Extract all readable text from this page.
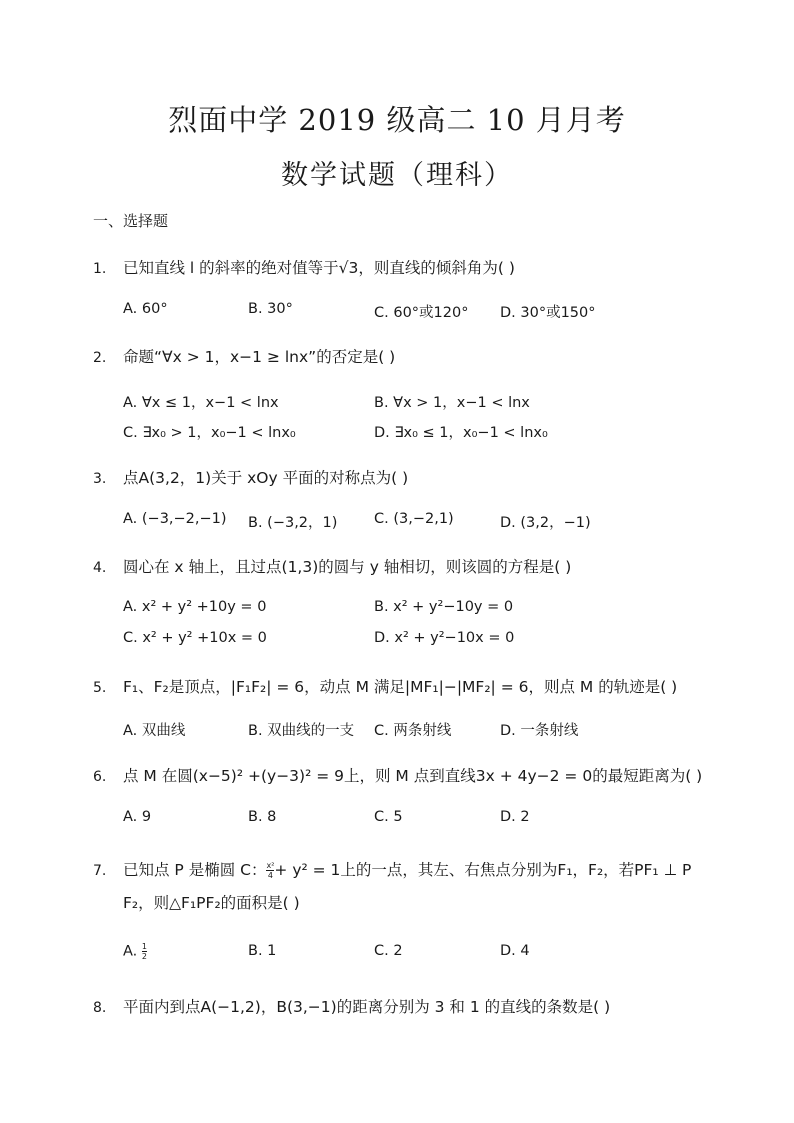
烈面中学 2019 级高二 10 月月考
数学试题（理科）
一、选择题
1. 已知直线 l 的斜率的绝对值等于√3，则直线的倾斜角为( )
A. 60°	B. 30°	C. 60°或120° D. 30°或150°
2. 命题“∀x > 1，x−1 ≥ lnx”的否定是( )
A. ∀x ≤ 1，x−1 < lnx	B. ∀x > 1，x−1 < lnx
C. ∃x₀ > 1，x₀−1 < lnx₀	D. ∃x₀ ≤ 1，x₀−1 < lnx₀
3. 点A(3,2，1)关于 xOy 平面的对称点为( )
A. (−3,−2,−1) B. (−3,2，1)	C. (3,−2,1)	D. (3,2，−1)
4. 圆心在 x 轴上，且过点(1,3)的圆与 y 轴相切，则该圆的方程是( )
A. x² + y² +10y = 0	B. x² + y²−10y = 0
C. x² + y² +10x = 0	D. x² + y²−10x = 0
5. F₁、F₂是顶点，|F₁F₂| = 6，动点 M 满足|MF₁|−|MF₂| = 6，则点 M 的轨迹是( )
A. 双曲线	B. 双曲线的一支 C. 两条射线	D. 一条射线
6. 点 M 在圆(x−5)² +(y−3)² = 9上，则 M 点到直线3x + 4y−2 = 0的最短距离为( )
A. 9	B. 8	C. 5	D. 2
7. 已知点 P 是椭圆 C： $\frac{\text{x²}}{4} + y^2 = 1$上的一点，其左、右焦点分别为F₁，F₂，若PF₁ ⊥ P
F₂，则△F₁PF₂的面积是( )
A. $\frac{1}{2}$	B. 1	C. 2	D. 4
8. 平面内到点A(−1,2)，B(3,−1)的距离分别为 3 和 1 的直线的条数是( )
